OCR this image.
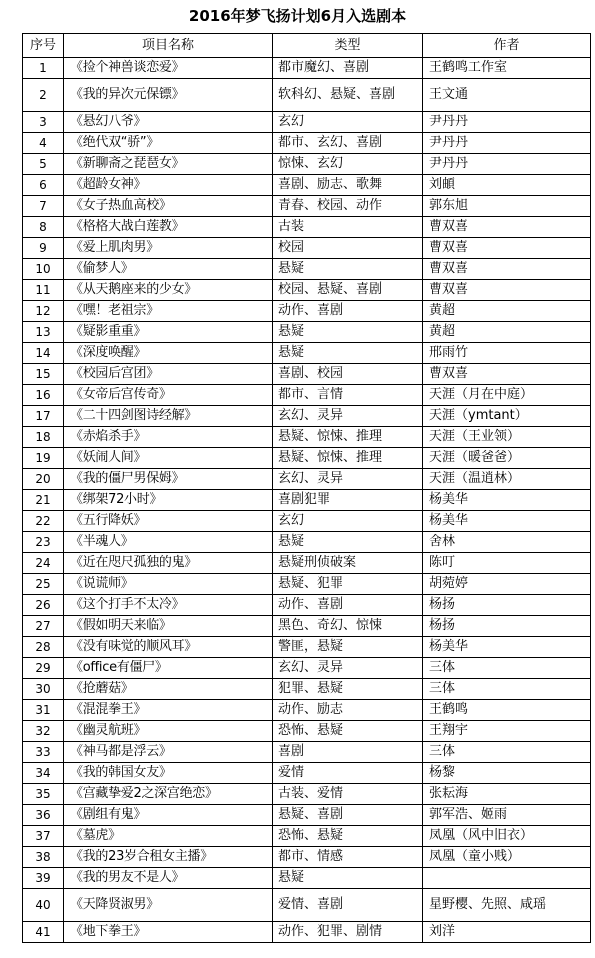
2016年梦飞扬计划6月入选剧本
序号	项目名称	类型	作者
1	《捡个神兽谈恋爱》	都市魔幻、喜剧	王鹤鸣工作室
2	《我的异次元保镖》	软科幻、悬疑、喜剧	王文通
3	《悬幻八爷》	玄幻	尹丹丹
4	《绝代双“骄”》	都市、玄幻、喜剧	尹丹丹
5	《新聊斋之琵琶女》	惊悚、玄幻	尹丹丹
6	《超龄女神》	喜剧、励志、歌舞	刘頔
7	《女子热血高校》	青春、校园、动作	郭东旭
8	《格格大战白莲教》	古装	曹双喜
9	《爱上肌肉男》	校园	曹双喜
10	《偷梦人》	悬疑	曹双喜
11	《从天鹅座来的少女》	校园、悬疑、喜剧	曹双喜
12	《嘿！老祖宗》	动作、喜剧	黄超
13	《疑影重重》	悬疑	黄超
14	《深度唤醒》	悬疑	邢雨竹
15	《校园后宫团》	喜剧、校园	曹双喜
16	《女帝后宫传奇》	都市、言情	天涯（月在中庭）
17	《二十四剑图诗经解》	玄幻、灵异	天涯（ymtant）
18	《赤焰杀手》	悬疑、惊悚、推理	天涯（王业领）
19	《妖闹人间》	悬疑、惊悚、推理	天涯（暖爸爸）
20	《我的僵尸男保姆》	玄幻、灵异	天涯（温逍林）
21	《绑架72小时》	喜剧犯罪	杨美华
22	《五行降妖》	玄幻	杨美华
23	《半魂人》	悬疑	舍林
24	《近在咫尺孤独的鬼》	悬疑刑侦破案	陈叮
25	《说谎师》	悬疑、犯罪	胡菀婷
26	《这个打手不太冷》	动作、喜剧	杨扬
27	《假如明天来临》	黑色、奇幻、惊悚	杨扬
28	《没有味觉的顺风耳》	警匪，悬疑	杨美华
29	《office有僵尸》	玄幻、灵异	三体
30	《抢蘑菇》	犯罪、悬疑	三体
31	《混混拳王》	动作、励志	王鹤鸣
32	《幽灵航班》	恐怖、悬疑	王翔宇
33	《神马都是浮云》	喜剧	三体
34	《我的韩国女友》	爱情	杨黎
35	《宫藏挚爱2之深宫绝恋》	古装、爱情	张耘海
36	《剧组有鬼》	悬疑、喜剧	郭军浩、姬雨
37	《墓虎》	恐怖、悬疑	凤凰（风中旧衣）
38	《我的23岁合租女主播》	都市、情感	凤凰（童小贱）
39	《我的男友不是人》	悬疑	
40	《天降贤淑男》	爱情、喜剧	星野樱、先照、咸瑶
41	《地下拳王》	动作、犯罪、剧情	刘洋
